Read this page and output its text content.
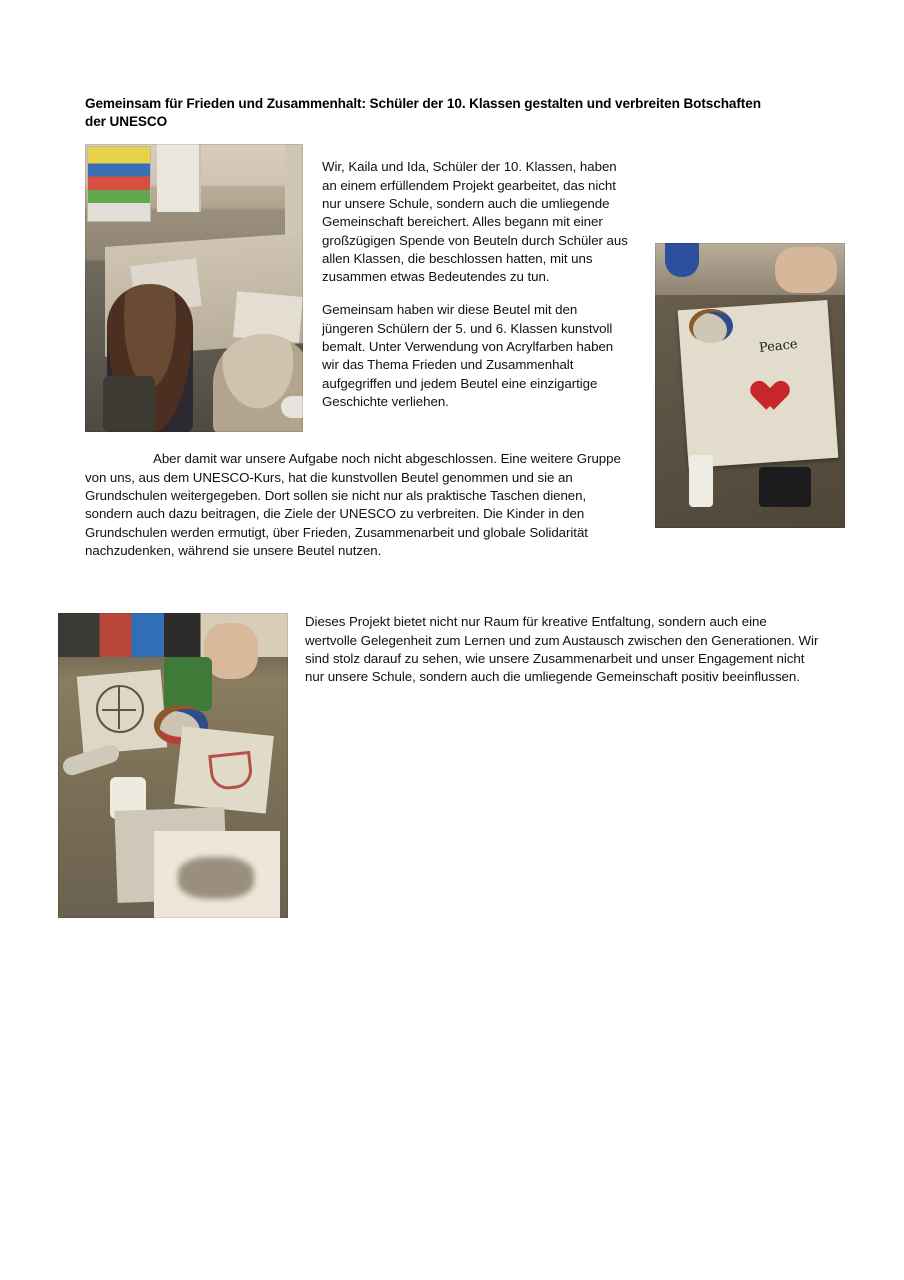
Gemeinsam für Frieden und Zusammenhalt: Schüler der 10. Klassen gestalten und verbreiten Botschaften der UNESCO
Peace

Wir, Kaila und Ida, Schüler der 10. Klassen, haben an einem erfüllendem Projekt gearbeitet, das nicht nur unsere Schule, sondern auch die umliegende Gemeinschaft bereichert. Alles begann mit einer großzügigen Spende von Beuteln durch Schüler aus allen Klassen, die beschlossen hatten, mit uns zusammen etwas Bedeutendes zu tun.

Gemeinsam haben wir diese Beutel mit den jüngeren Schülern der 5. und 6. Klassen kunstvoll bemalt. Unter Verwendung von Acrylfarben haben wir das Thema Frieden und Zusammenhalt aufgegriffen und jedem Beutel eine einzigartige Geschichte verliehen.

Aber damit war unsere Aufgabe noch nicht abgeschlossen. Eine weitere Gruppe von uns, aus dem UNESCO-Kurs, hat die kunstvollen Beutel genommen und sie an Grundschulen weitergegeben. Dort sollen sie nicht nur als praktische Taschen dienen, sondern auch dazu beitragen, die Ziele der UNESCO zu verbreiten. Die Kinder in den Grundschulen werden ermutigt, über Frieden, Zusammenarbeit und globale Solidarität nachzudenken, während sie unsere Beutel nutzen.

Dieses Projekt bietet nicht nur Raum für kreative Entfaltung, sondern auch eine wertvolle Gelegenheit zum Lernen und zum Austausch zwischen den Generationen. Wir sind stolz darauf zu sehen, wie unsere Zusammenarbeit und unser Engagement nicht nur unsere Schule, sondern auch die umliegende Gemeinschaft positiv beeinflussen.
